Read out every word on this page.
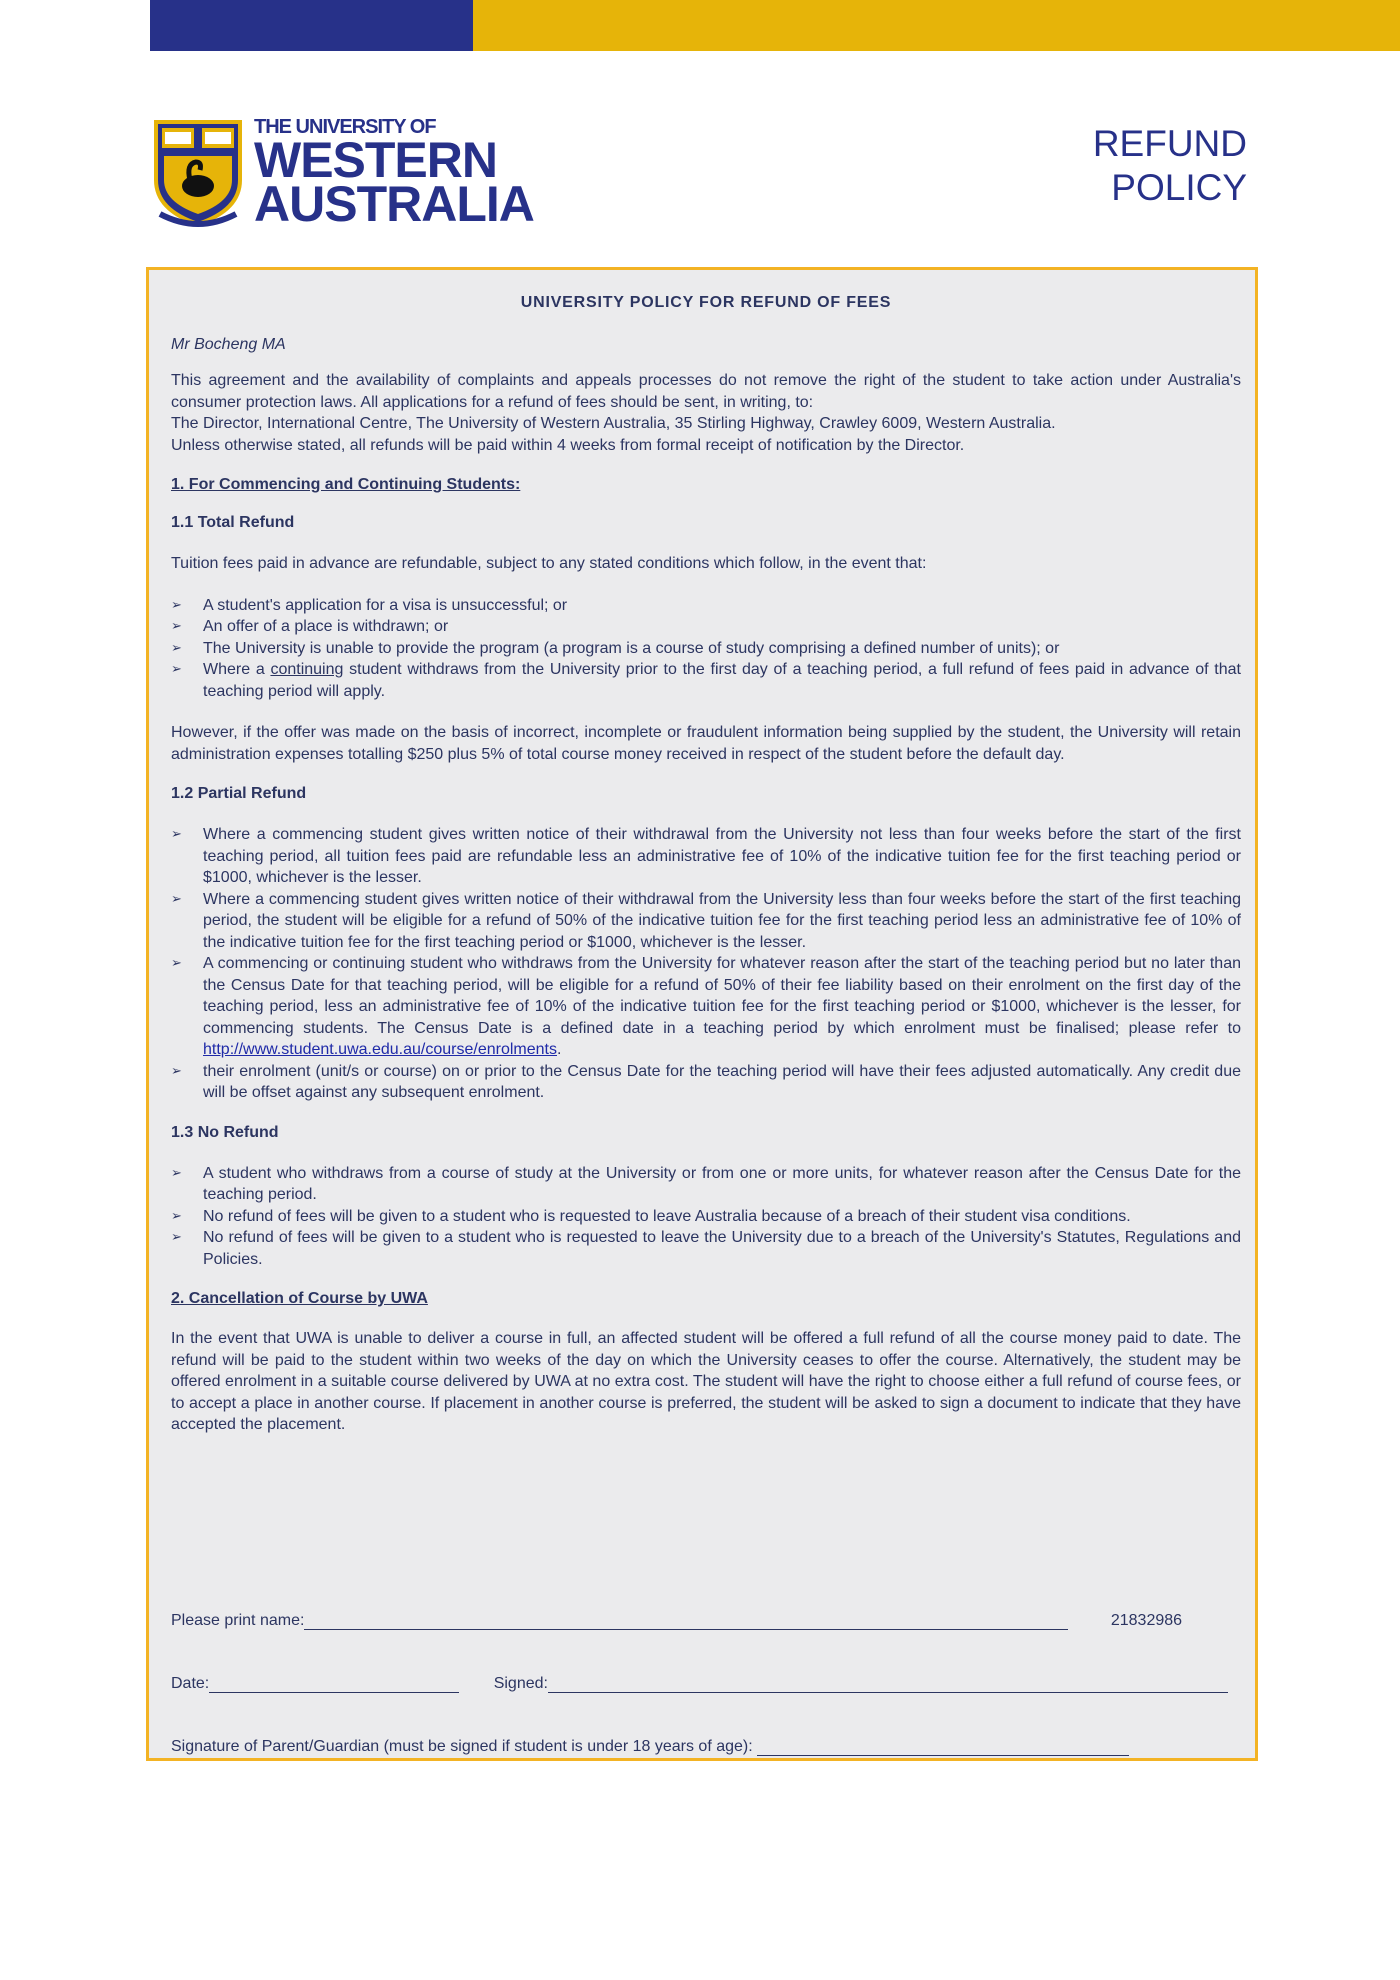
THE UNIVERSITY OF
WESTERN
AUSTRALIA
REFUND
POLICY
UNIVERSITY POLICY FOR REFUND OF FEES
Mr Bocheng MA

This agreement and the availability of complaints and appeals processes do not remove the right of the student to take action under Australia's consumer protection laws. All applications for a refund of fees should be sent, in writing, to:

The Director, International Centre, The University of Western Australia, 35 Stirling Highway, Crawley 6009, Western Australia.

Unless otherwise stated, all refunds will be paid within 4 weeks from formal receipt of notification by the Director.

1. For Commencing and Continuing Students:
1.1 Total Refund

Tuition fees paid in advance are refundable, subject to any stated conditions which follow, in the event that:

➢ A student's application for a visa is unsuccessful; or
➢ An offer of a place is withdrawn; or
➢ The University is unable to provide the program (a program is a course of study comprising a defined number of units); or
➢ Where a continuing student withdraws from the University prior to the first day of a teaching period, a full refund of fees paid in advance of that teaching period will apply.

However, if the offer was made on the basis of incorrect, incomplete or fraudulent information being supplied by the student, the University will retain administration expenses totalling $250 plus 5% of total course money received in respect of the student before the default day.

1.2 Partial Refund
➢ Where a commencing student gives written notice of their withdrawal from the University not less than four weeks before the start of the first teaching period, all tuition fees paid are refundable less an administrative fee of 10% of the indicative tuition fee for the first teaching period or $1000, whichever is the lesser.
➢ Where a commencing student gives written notice of their withdrawal from the University less than four weeks before the start of the first teaching period, the student will be eligible for a refund of 50% of the indicative tuition fee for the first teaching period less an administrative fee of 10% of the indicative tuition fee for the first teaching period or $1000, whichever is the lesser.
➢ A commencing or continuing student who withdraws from the University for whatever reason after the start of the teaching period but no later than the Census Date for that teaching period, will be eligible for a refund of 50% of their fee liability based on their enrolment on the first day of the teaching period, less an administrative fee of 10% of the indicative tuition fee for the first teaching period or $1000, whichever is the lesser, for commencing students. The Census Date is a defined date in a teaching period by which enrolment must be finalised; please refer to http://www.student.uwa.edu.au/course/enrolments.
➢ their enrolment (unit/s or course) on or prior to the Census Date for the teaching period will have their fees adjusted automatically. Any credit due will be offset against any subsequent enrolment.
1.3 No Refund
➢ A student who withdraws from a course of study at the University or from one or more units, for whatever reason after the Census Date for the teaching period.
➢ No refund of fees will be given to a student who is requested to leave Australia because of a breach of their student visa conditions.
➢ No refund of fees will be given to a student who is requested to leave the University due to a breach of the University's Statutes, Regulations and Policies.
2. Cancellation of Course by UWA

In the event that UWA is unable to deliver a course in full, an affected student will be offered a full refund of all the course money paid to date. The refund will be paid to the student within two weeks of the day on which the University ceases to offer the course. Alternatively, the student may be offered enrolment in a suitable course delivered by UWA at no extra cost. The student will have the right to choose either a full refund of course fees, or to accept a place in another course. If placement in another course is preferred, the student will be asked to sign a document to indicate that they have accepted the placement.

Please print name:	21832986
Date:	Signed:
Signature of Parent/Guardian (must be signed if student is under 18 years of age):
